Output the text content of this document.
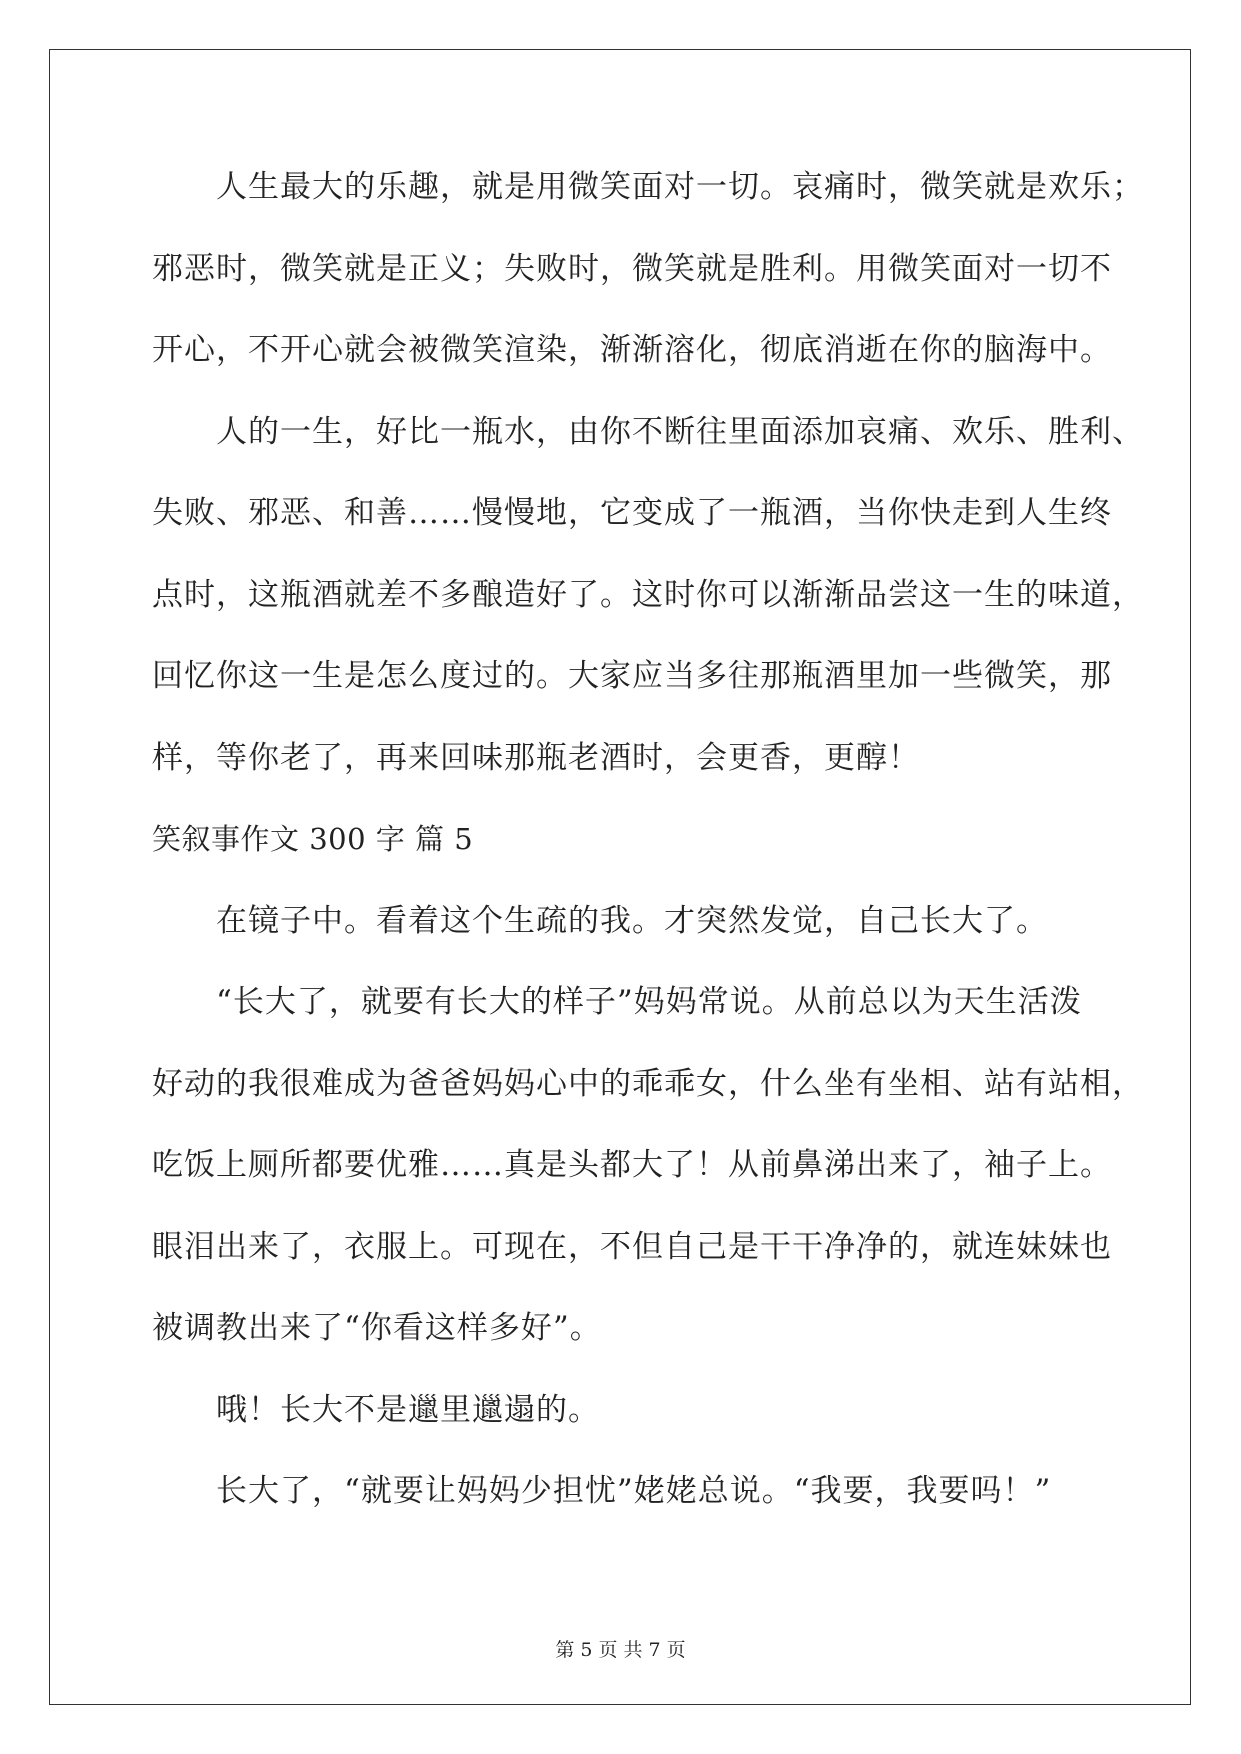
人生最大的乐趣，就是用微笑面对一切。哀痛时，微笑就是欢乐；

邪恶时，微笑就是正义；失败时，微笑就是胜利。用微笑面对一切不

开心，不开心就会被微笑渲染，渐渐溶化，彻底消逝在你的脑海中。

人的一生，好比一瓶水，由你不断往里面添加哀痛、欢乐、胜利、

失败、邪恶、和善……慢慢地，它变成了一瓶酒，当你快走到人生终

点时，这瓶酒就差不多酿造好了。这时你可以渐渐品尝这一生的味道，

回忆你这一生是怎么度过的。大家应当多往那瓶酒里加一些微笑，那

样，等你老了，再来回味那瓶老酒时，会更香，更醇！

笑叙事作文 300 字 篇 5

在镜子中。看着这个生疏的我。才突然发觉，自己长大了。

“长大了，就要有长大的样子”妈妈常说。从前总以为天生活泼

好动的我很难成为爸爸妈妈心中的乖乖女，什么坐有坐相、站有站相，

吃饭上厕所都要优雅……真是头都大了！从前鼻涕出来了，袖子上。

眼泪出来了，衣服上。可现在，不但自己是干干净净的，就连妹妹也

被调教出来了“你看这样多好”。

哦！长大不是邋里邋遢的。

长大了，“就要让妈妈少担忧”姥姥总说。“我要，我要吗！”

第 5 页 共 7 页
